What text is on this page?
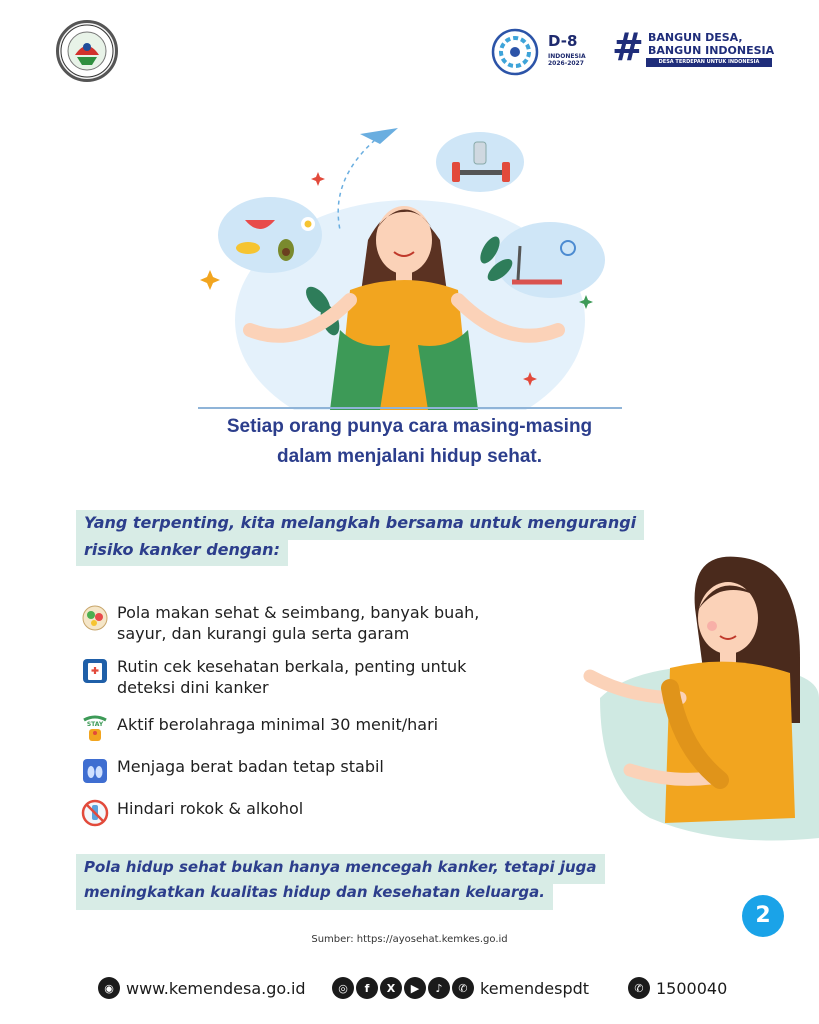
D-8
INDONESIA
2026-2027 # BANGUN DESA,
BANGUN INDONESIA
DESA TERDEPAN UNTUK INDONESIA
Setiap orang punya cara masing-masing
dalam menjalani hidup sehat.
Yang terpenting, kita melangkah bersama untuk mengurangi
risiko kanker dengan:
Pola makan sehat & seimbang, banyak buah,
sayur, dan kurangi gula serta garam
Rutin cek kesehatan berkala, penting untuk
deteksi dini kanker
STAY Aktif berolahraga minimal 30 menit/hari
Menjaga berat badan tetap stabil
Hindari rokok & alkohol
Pola hidup sehat bukan hanya mencegah kanker, tetapi juga
meningkatkan kualitas hidup dan kesehatan keluarga.
2
Sumber: https://ayosehat.kemkes.go.id
◉ www.kemendesa.go.id	◎	f	X	▶	♪	✆ kemendespdt	✆ 1500040
